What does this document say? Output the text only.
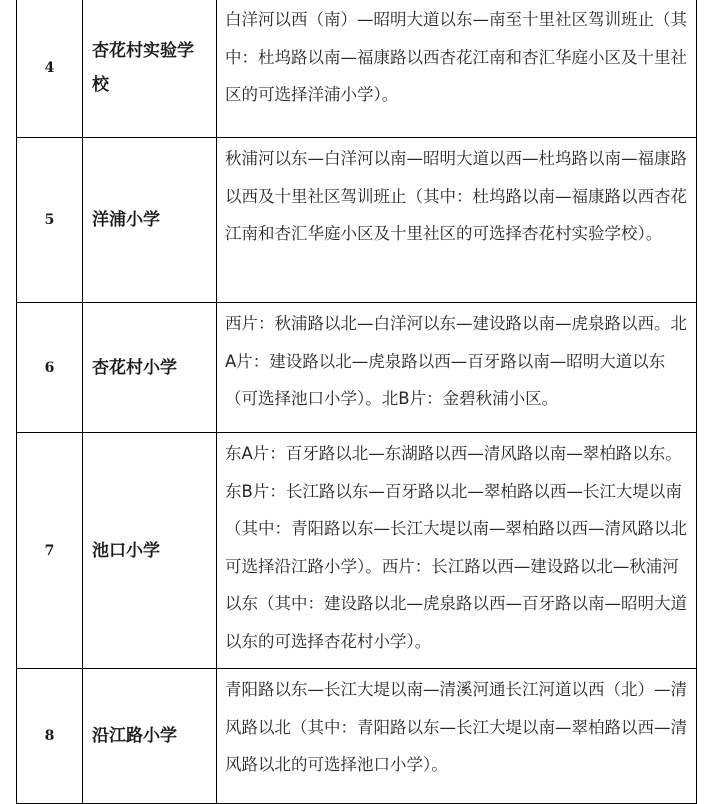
4	杏花村实验学校	白洋河以西（南）—昭明大道以东—南至十里社区驾训班止（其中：杜坞路以南—福康路以西杏花江南和杏汇华庭小区及十里社区的可选择洋浦小学）。

5	洋浦小学	秋浦河以东—白洋河以南—昭明大道以西—杜坞路以南—福康路以西及十里社区驾训班止（其中：杜坞路以南—福康路以西杏花江南和杏汇华庭小区及十里社区的可选择杏花村实验学校）。

6	杏花村小学	西片：秋浦路以北—白洋河以东—建设路以南—虎泉路以西。北A片：建设路以北—虎泉路以西—百牙路以南—昭明大道以东（可选择池口小学）。北B片：金碧秋浦小区。

7	池口小学	东A片：百牙路以北—东湖路以西—清风路以南—翠柏路以东。东B片：长江路以东—百牙路以北—翠柏路以西—长江大堤以南（其中：青阳路以东—长江大堤以南—翠柏路以西—清风路以北可选择沿江路小学）。西片：长江路以西—建设路以北—秋浦河以东（其中：建设路以北—虎泉路以西—百牙路以南—昭明大道以东的可选择杏花村小学）。

8	沿江路小学	青阳路以东—长江大堤以南—清溪河通长江河道以西（北）—清风路以北（其中：青阳路以东—长江大堤以南—翠柏路以西—清风路以北的可选择池口小学）。
